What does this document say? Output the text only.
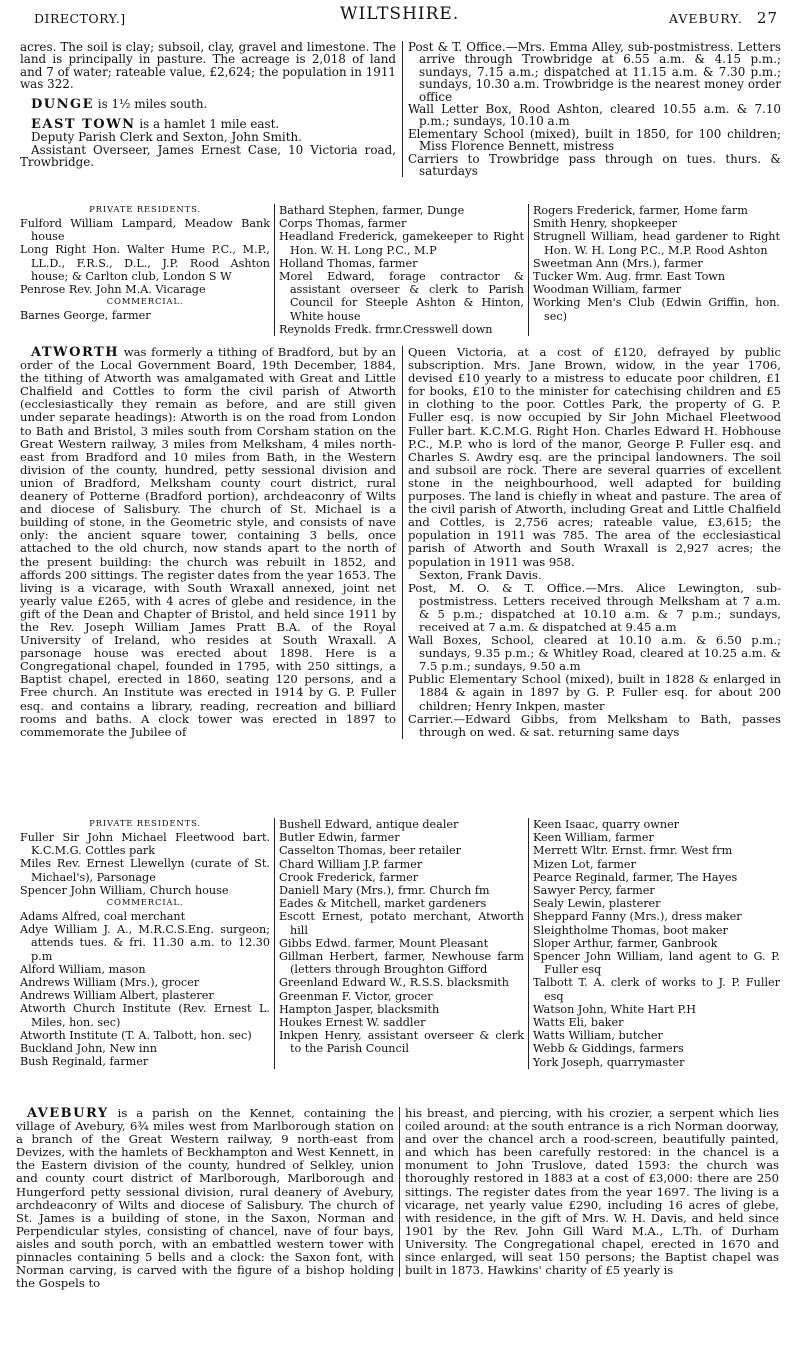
DIRECTORY.]	WILTSHIRE.	AVEBURY. 27

acres. The soil is clay; subsoil, clay, gravel and limestone. The land is principally in pasture. The acreage is 2,018 of land and 7 of water; rateable value, £2,624; the population in 1911 was 322.

DUNGE is 1½ miles south.

EAST TOWN is a hamlet 1 mile east.

Deputy Parish Clerk and Sexton, John Smith.

Assistant Overseer, James Ernest Case, 10 Victoria road, Trowbridge.

Post & T. Office.—Mrs. Emma Alley, sub-postmistress. Letters arrive through Trowbridge at 6.55 a.m. & 4.15 p.m.; sundays, 7.15 a.m.; dispatched at 11.15 a.m. & 7.30 p.m.; sundays, 10.30 a.m. Trowbridge is the nearest money order office
Wall Letter Box, Rood Ashton, cleared 10.55 a.m. & 7.10 p.m.; sundays, 10.10 a.m
Elementary School (mixed), built in 1850, for 100 children; Miss Florence Bennett, mistress
Carriers to Trowbridge pass through on tues. thurs. & saturdays
PRIVATE RESIDENTS.
Fulford William Lampard, Meadow Bank house
Long Right Hon. Walter Hume P.C., M.P., LL.D., F.R.S., D.L., J.P. Rood Ashton house; & Carlton club, London S W
Penrose Rev. John M.A. Vicarage
COMMERCIAL.
Barnes George, farmer
Bathard Stephen, farmer, Dunge
Corps Thomas, farmer
Headland Frederick, gamekeeper to Right Hon. W. H. Long P.C., M.P
Holland Thomas, farmer
Morel Edward, forage contractor & assistant overseer & clerk to Parish Council for Steeple Ashton & Hinton, White house
Reynolds Fredk. frmr.Cresswell down
Rogers Frederick, farmer, Home farm
Smith Henry, shopkeeper
Strugnell William, head gardener to Right Hon. W. H. Long P.C., M.P. Rood Ashton
Sweetman Ann (Mrs.), farmer
Tucker Wm. Aug. frmr. East Town
Woodman William, farmer
Working Men's Club (Edwin Griffin, hon. sec)

ATWORTH was formerly a tithing of Bradford, but by an order of the Local Government Board, 19th December, 1884, the tithing of Atworth was amalgamated with Great and Little Chalfield and Cottles to form the civil parish of Atworth (ecclesiastically they remain as before, and are still given under separate headings): Atworth is on the road from London to Bath and Bristol, 3 miles south from Corsham station on the Great Western railway, 3 miles from Melksham, 4 miles north-east from Bradford and 10 miles from Bath, in the Western division of the county, hundred, petty sessional division and union of Bradford, Melksham county court district, rural deanery of Potterne (Bradford portion), archdeaconry of Wilts and diocese of Salisbury. The church of St. Michael is a building of stone, in the Geometric style, and consists of nave only: the ancient square tower, containing 3 bells, once attached to the old church, now stands apart to the north of the present building: the church was rebuilt in 1852, and affords 200 sittings. The register dates from the year 1653. The living is a vicarage, with South Wraxall annexed, joint net yearly value £265, with 4 acres of glebe and residence, in the gift of the Dean and Chapter of Bristol, and held since 1911 by the Rev. Joseph William James Pratt B.A. of the Royal University of Ireland, who resides at South Wraxall. A parsonage house was erected about 1898. Here is a Congregational chapel, founded in 1795, with 250 sittings, a Baptist chapel, erected in 1860, seating 120 persons, and a Free church. An Institute was erected in 1914 by G. P. Fuller esq. and contains a library, reading, recreation and billiard rooms and baths. A clock tower was erected in 1897 to commemorate the Jubilee of

Queen Victoria, at a cost of £120, defrayed by public subscription. Mrs. Jane Brown, widow, in the year 1706, devised £10 yearly to a mistress to educate poor children, £1 for books, £10 to the minister for catechising children and £5 in clothing to the poor. Cottles Park, the property of G. P. Fuller esq. is now occupied by Sir John Michael Fleetwood Fuller bart. K.C.M.G. Right Hon. Charles Edward H. Hobhouse P.C., M.P. who is lord of the manor, George P. Fuller esq. and Charles S. Awdry esq. are the principal landowners. The soil and subsoil are rock. There are several quarries of excellent stone in the neighbourhood, well adapted for building purposes. The land is chiefly in wheat and pasture. The area of the civil parish of Atworth, including Great and Little Chalfield and Cottles, is 2,756 acres; rateable value, £3,615; the population in 1911 was 785. The area of the ecclesiastical parish of Atworth and South Wraxall is 2,927 acres; the population in 1911 was 958.

Sexton, Frank Davis.

Post, M. O. & T. Office.—Mrs. Alice Lewington, sub-postmistress. Letters received through Melksham at 7 a.m. & 5 p.m.; dispatched at 10.10 a.m. & 7 p.m.; sundays, received at 7 a.m. & dispatched at 9.45 a.m
Wall Boxes, School, cleared at 10.10 a.m. & 6.50 p.m.; sundays, 9.35 p.m.; & Whitley Road, cleared at 10.25 a.m. & 7.5 p.m.; sundays, 9.50 a.m
Public Elementary School (mixed), built in 1828 & enlarged in 1884 & again in 1897 by G. P. Fuller esq. for about 200 children; Henry Inkpen, master
Carrier.—Edward Gibbs, from Melksham to Bath, passes through on wed. & sat. returning same days
PRIVATE RESIDENTS.
Fuller Sir John Michael Fleetwood bart. K.C.M.G. Cottles park
Miles Rev. Ernest Llewellyn (curate of St. Michael's), Parsonage
Spencer John William, Church house
COMMERCIAL.
Adams Alfred, coal merchant
Adye William J. A., M.R.C.S.Eng. surgeon; attends tues. & fri. 11.30 a.m. to 12.30 p.m
Alford William, mason
Andrews William (Mrs.), grocer
Andrews William Albert, plasterer
Atworth Church Institute (Rev. Ernest L. Miles, hon. sec)
Atworth Institute (T. A. Talbott, hon. sec)
Buckland John, New inn
Bush Reginald, farmer
Bushell Edward, antique dealer
Butler Edwin, farmer
Casselton Thomas, beer retailer
Chard William J.P. farmer
Crook Frederick, farmer
Daniell Mary (Mrs.), frmr. Church fm
Eades & Mitchell, market gardeners
Escott Ernest, potato merchant, Atworth hill
Gibbs Edwd. farmer, Mount Pleasant
Gillman Herbert, farmer, Newhouse farm (letters through Broughton Gifford
Greenland Edward W., R.S.S. blacksmith
Greenman F. Victor, grocer
Hampton Jasper, blacksmith
Houkes Ernest W. saddler
Inkpen Henry, assistant overseer & clerk to the Parish Council
Keen Isaac, quarry owner
Keen William, farmer
Merrett Wltr. Ernst. frmr. West frm
Mizen Lot, farmer
Pearce Reginald, farmer, The Hayes
Sawyer Percy, farmer
Sealy Lewin, plasterer
Sheppard Fanny (Mrs.), dress maker
Sleightholme Thomas, boot maker
Sloper Arthur, farmer, Ganbrook
Spencer John William, land agent to G. P. Fuller esq
Talbott T. A. clerk of works to J. P. Fuller esq
Watson John, White Hart P.H
Watts Eli, baker
Watts William, butcher
Webb & Giddings, farmers
York Joseph, quarrymaster

AVEBURY is a parish on the Kennet, containing the village of Avebury, 6¾ miles west from Marlborough station on a branch of the Great Western railway, 9 north-east from Devizes, with the hamlets of Beckhampton and West Kennett, in the Eastern division of the county, hundred of Selkley, union and county court district of Marlborough, Marlborough and Hungerford petty sessional division, rural deanery of Avebury, archdeaconry of Wilts and diocese of Salisbury. The church of St. James is a building of stone, in the Saxon, Norman and Perpendicular styles, consisting of chancel, nave of four bays, aisles and south porch, with an embattled western tower with pinnacles containing 5 bells and a clock: the Saxon font, with Norman carving, is carved with the figure of a bishop holding the Gospels to

his breast, and piercing, with his crozier, a serpent which lies coiled around: at the south entrance is a rich Norman doorway, and over the chancel arch a rood-screen, beautifully painted, and which has been carefully restored: in the chancel is a monument to John Truslove, dated 1593: the church was thoroughly restored in 1883 at a cost of £3,000: there are 250 sittings. The register dates from the year 1697. The living is a vicarage, net yearly value £290, including 16 acres of glebe, with residence, in the gift of Mrs. W. H. Davis, and held since 1901 by the Rev. John Gill Ward M.A., L.Th. of Durham University. The Congregational chapel, erected in 1670 and since enlarged, will seat 150 persons; the Baptist chapel was built in 1873. Hawkins' charity of £5 yearly is
